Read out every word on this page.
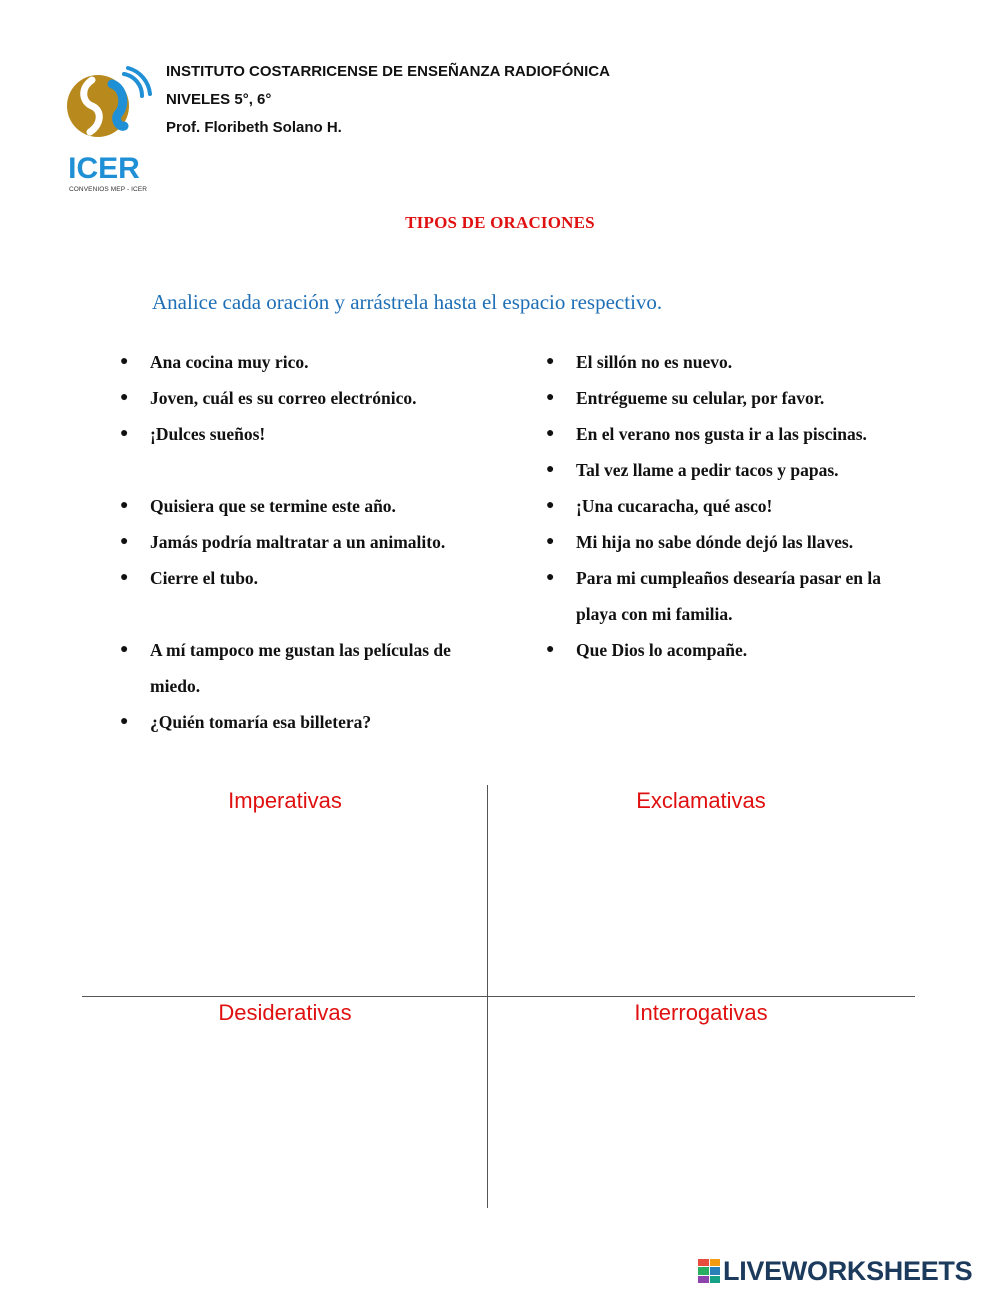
ICER
CONVENIOS MEP - ICER
INSTITUTO COSTARRICENSE DE ENSEÑANZA RADIOFÓNICA
NIVELES 5°, 6°
Prof. Floribeth Solano H.
TIPOS DE ORACIONES
Analice cada oración y arrástrela hasta el espacio respectivo.
● Ana cocina muy rico.
● Joven, cuál es su correo electrónico.
● ¡Dulces sueños!
● Quisiera que se termine este año.
● Jamás podría maltratar a un animalito.
● Cierre el tubo.
● A mí tampoco me gustan las películas de miedo.
● ¿Quién tomaría esa billetera?
● El sillón no es nuevo.
● Entrégueme su celular, por favor.
● En el verano nos gusta ir a las piscinas.
● Tal vez llame a pedir tacos y papas.
● ¡Una cucaracha, qué asco!
● Mi hija no sabe dónde dejó las llaves.
● Para mi cumpleaños desearía pasar en la playa con mi familia.
● Que Dios lo acompañe.
Imperativas	Exclamativas
Desiderativas	Interrogativas
LIVEWORKSHEETS
